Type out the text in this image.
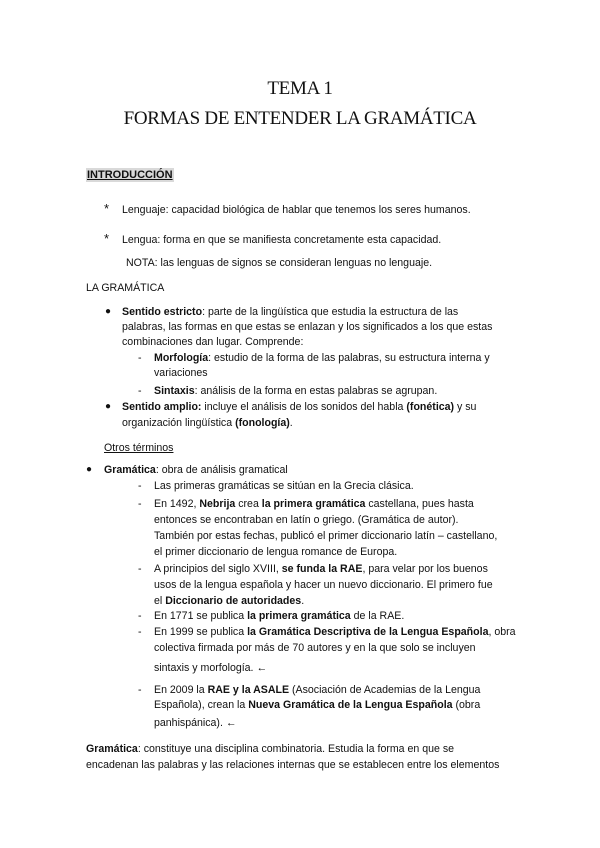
TEMA 1
FORMAS DE ENTENDER LA GRAMÁTICA
INTRODUCCIÓN
* Lenguaje: capacidad biológica de hablar que tenemos los seres humanos.
* Lengua: forma en que se manifiesta concretamente esta capacidad.
NOTA: las lenguas de signos se consideran lenguas no lenguaje.
LA GRAMÁTICA
● Sentido estricto: parte de la lingüística que estudia la estructura de las
palabras, las formas en que estas se enlazan y los significados a los que estas
combinaciones dan lugar. Comprende:
- Morfología: estudio de la forma de las palabras, su estructura interna y
variaciones
- Sintaxis: análisis de la forma en estas palabras se agrupan.
● Sentido amplio: incluye el análisis de los sonidos del habla (fonética) y su
organización lingüística (fonología).
Otros términos
● Gramática: obra de análisis gramatical
- Las primeras gramáticas se sitúan en la Grecia clásica.
- En 1492, Nebrija crea la primera gramática castellana, pues hasta
entonces se encontraban en latín o griego. (Gramática de autor).
También por estas fechas, publicó el primer diccionario latín – castellano,
el primer diccionario de lengua romance de Europa.
- A principios del siglo XVIII, se funda la RAE, para velar por los buenos
usos de la lengua española y hacer un nuevo diccionario. El primero fue
el Diccionario de autoridades.
- En 1771 se publica la primera gramática de la RAE.
- En 1999 se publica la Gramática Descriptiva de la Lengua Española, obra
colectiva firmada por más de 70 autores y en la que solo se incluyen
sintaxis y morfología. ←
- En 2009 la RAE y la ASALE (Asociación de Academias de la Lengua
Española), crean la Nueva Gramática de la Lengua Española (obra
panhispánica). ←
Gramática: constituye una disciplina combinatoria. Estudia la forma en que se
encadenan las palabras y las relaciones internas que se establecen entre los elementos
